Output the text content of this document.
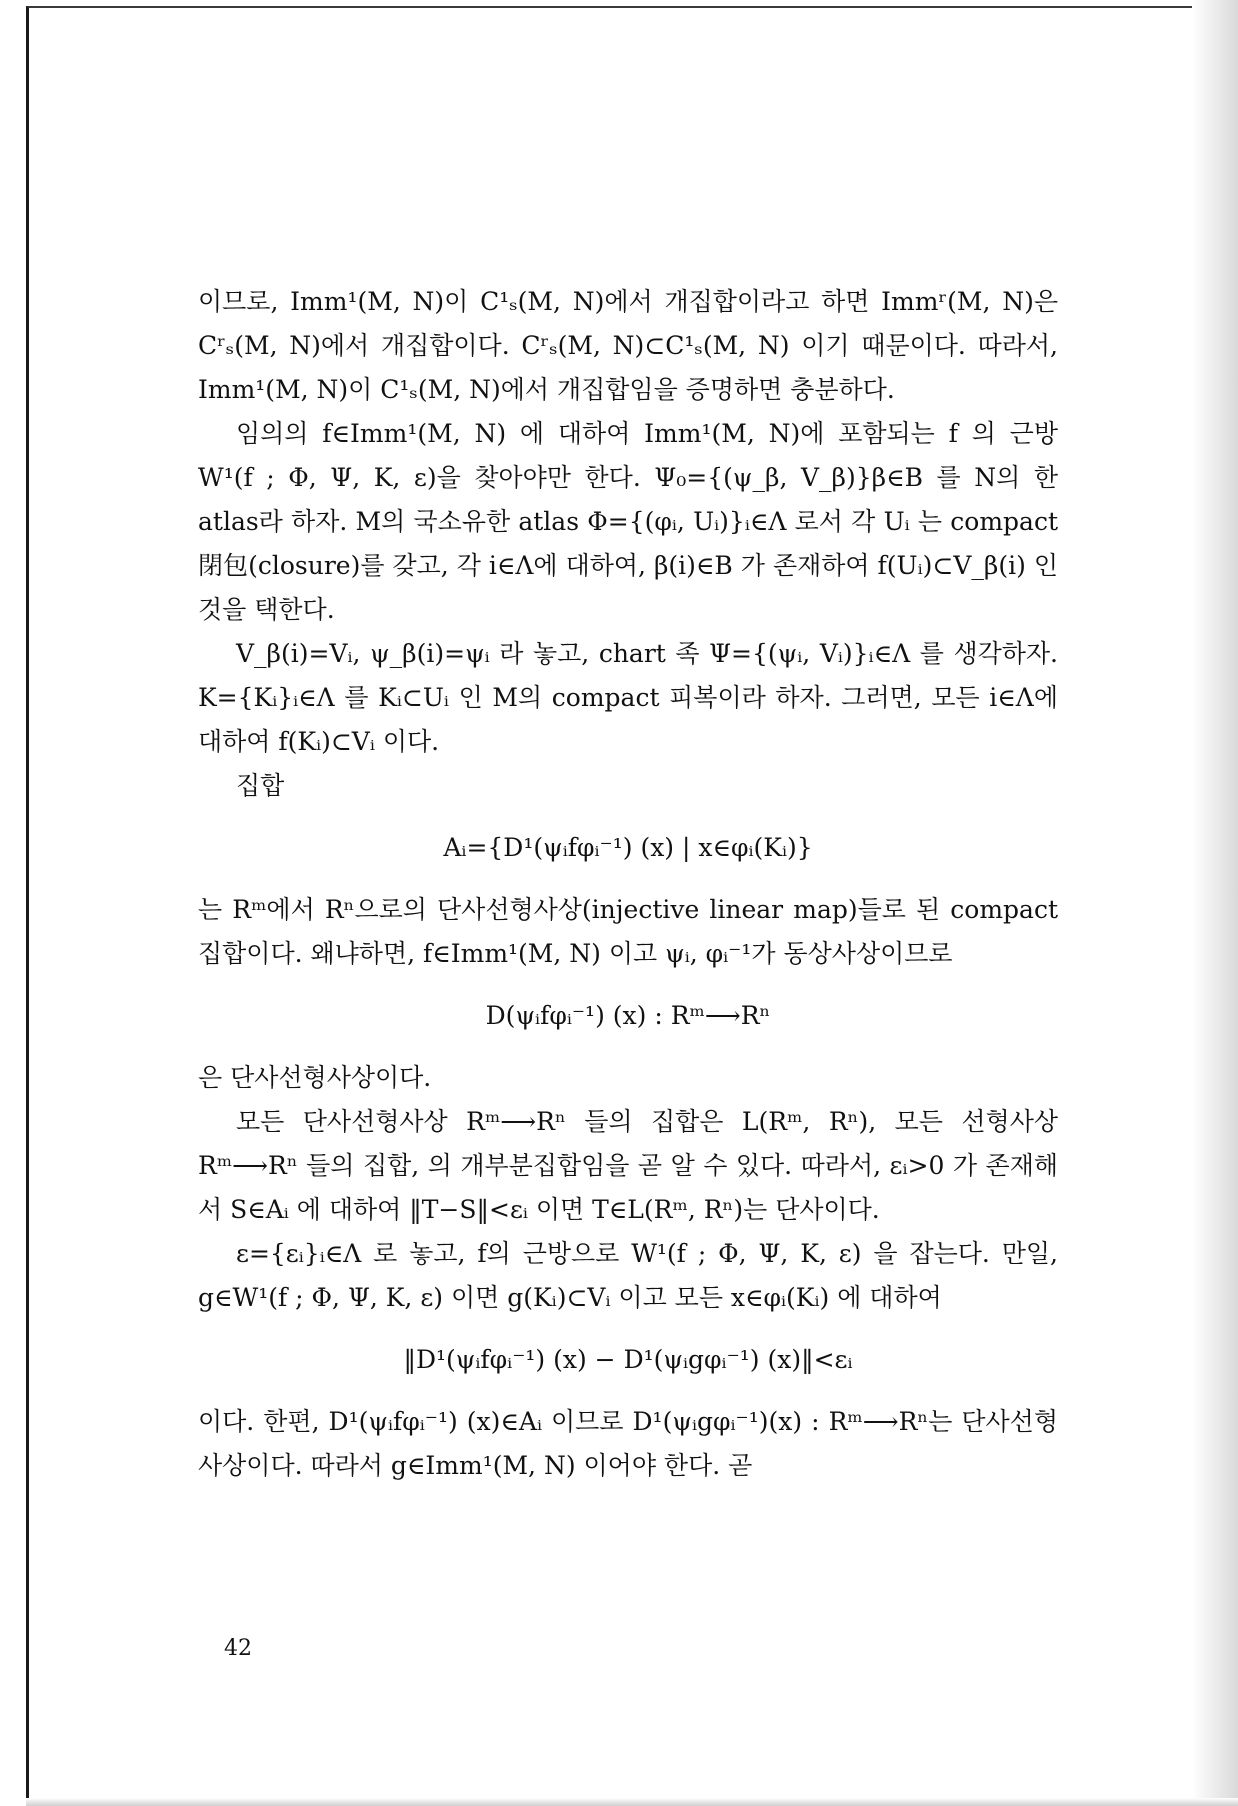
이므로, Imm¹(M, N)이 C¹ₛ(M, N)에서 개집합이라고 하면 Immʳ(M, N)은 Cʳₛ(M, N)에서 개집합이다. Cʳₛ(M, N)⊂C¹ₛ(M, N) 이기 때문이다. 따라서, Imm¹(M, N)이 C¹ₛ(M, N)에서 개집합임을 증명하면 충분하다.

임의의 f∈Imm¹(M, N) 에 대하여 Imm¹(M, N)에 포함되는 f 의 근방 W¹(f ; Φ, Ψ, K, ε)을 찾아야만 한다. Ψ₀={(ψ_β, V_β)}β∈B 를 N의 한 atlas라 하자. M의 국소유한 atlas Φ={(φᵢ, Uᵢ)}ᵢ∈Λ 로서 각 Uᵢ 는 compact 閉包(closure)를 갖고, 각 i∈Λ에 대하여, β(i)∈B 가 존재하여 f(Uᵢ)⊂V_β(i) 인 것을 택한다.

V_β(i)=Vᵢ, ψ_β(i)=ψᵢ 라 놓고, chart 족 Ψ={(ψᵢ, Vᵢ)}ᵢ∈Λ 를 생각하자. K={Kᵢ}ᵢ∈Λ 를 Kᵢ⊂Uᵢ 인 M의 compact 피복이라 하자. 그러면, 모든 i∈Λ에 대하여 f(Kᵢ)⊂Vᵢ 이다.

집합

Aᵢ={D¹(ψᵢfφᵢ⁻¹) (x) | x∈φᵢ(Kᵢ)}

는 Rᵐ에서 Rⁿ으로의 단사선형사상(injective linear map)들로 된 compact집합이다. 왜냐하면, f∈Imm¹(M, N) 이고 ψᵢ, φᵢ⁻¹가 동상사상이므로

D(ψᵢfφᵢ⁻¹) (x) : Rᵐ⟶Rⁿ

은 단사선형사상이다.

모든 단사선형사상 Rᵐ⟶Rⁿ 들의 집합은 L(Rᵐ, Rⁿ), 모든 선형사상 Rᵐ⟶Rⁿ 들의 집합, 의 개부분집합임을 곧 알 수 있다. 따라서, εᵢ>0 가 존재해서 S∈Aᵢ 에 대하여 ‖T−S‖<εᵢ 이면 T∈L(Rᵐ, Rⁿ)는 단사이다.

ε={εᵢ}ᵢ∈Λ 로 놓고, f의 근방으로 W¹(f ; Φ, Ψ, K, ε) 을 잡는다. 만일, g∈W¹(f ; Φ, Ψ, K, ε) 이면 g(Kᵢ)⊂Vᵢ 이고 모든 x∈φᵢ(Kᵢ) 에 대하여

‖D¹(ψᵢfφᵢ⁻¹) (x) − D¹(ψᵢgφᵢ⁻¹) (x)‖<εᵢ

이다. 한편, D¹(ψᵢfφᵢ⁻¹) (x)∈Aᵢ 이므로 D¹(ψᵢgφᵢ⁻¹)(x) : Rᵐ⟶Rⁿ는 단사선형사상이다. 따라서 g∈Imm¹(M, N) 이어야 한다. 곧

42
